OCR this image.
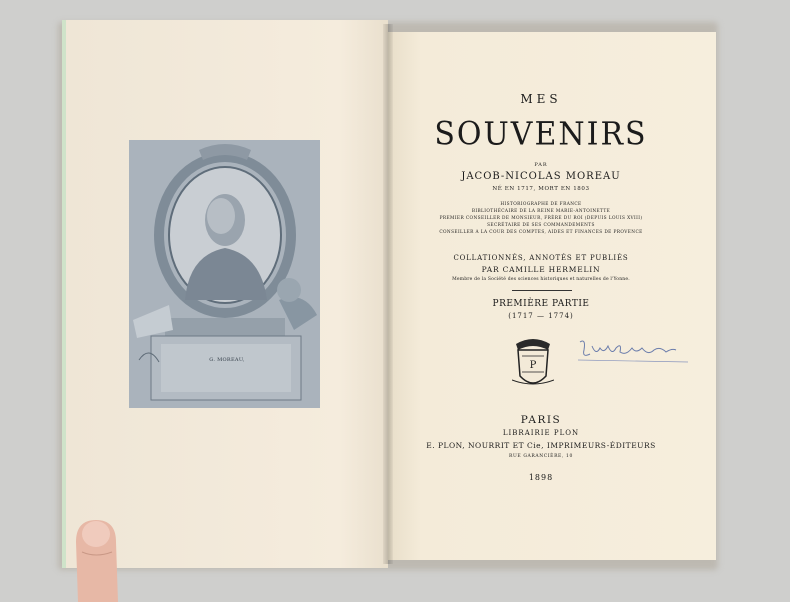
G. MOREAU,
MES
SOUVENIRS
PAR
JACOB-NICOLAS MOREAU
NÉ EN 1717, MORT EN 1803
HISTORIOGRAPHE DE FRANCE
BIBLIOTHÉCAIRE DE LA REINE MARIE-ANTOINETTE
PREMIER CONSEILLER DE MONSIEUR, FRÈRE DU ROI (DEPUIS LOUIS XVIII)
SECRÉTAIRE DE SES COMMANDEMENTS
CONSEILLER A LA COUR DES COMPTES, AIDES ET FINANCES DE PROVENCE
COLLATIONNÉS, ANNOTÉS ET PUBLIÉS
PAR CAMILLE HERMELIN
Membre de la Société des sciences historiques et naturelles de l'Yonne.
PREMIÈRE PARTIE
(1717 — 1774)
P
PARIS
LIBRAIRIE PLON
E. PLON, NOURRIT ET Cie, IMPRIMEURS-ÉDITEURS
RUE GARANCIÈRE, 10
1898
